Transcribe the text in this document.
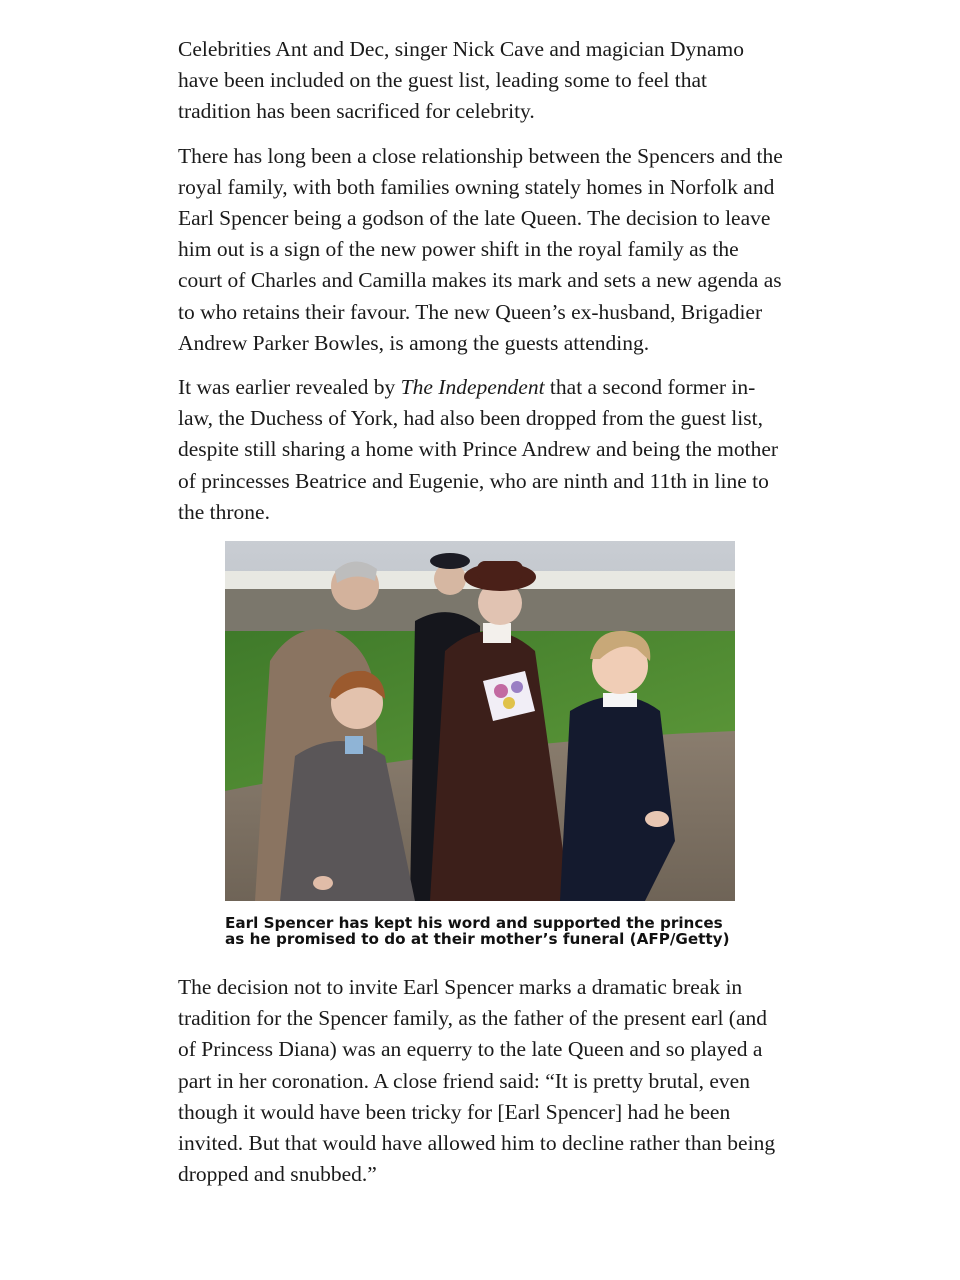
Celebrities Ant and Dec, singer Nick Cave and magician Dynamo have been included on the guest list, leading some to feel that tradition has been sacrificed for celebrity.

There has long been a close relationship between the Spencers and the royal family, with both families owning stately homes in Norfolk and Earl Spencer being a godson of the late Queen. The decision to leave him out is a sign of the new power shift in the royal family as the court of Charles and Camilla makes its mark and sets a new agenda as to who retains their favour. The new Queen’s ex-husband, Brigadier Andrew Parker Bowles, is among the guests attending.

It was earlier revealed by The Independent that a second former in-law, the Duchess of York, had also been dropped from the guest list, despite still sharing a home with Prince Andrew and being the mother of princesses Beatrice and Eugenie, who are ninth and 11th in line to the throne.

Earl Spencer has kept his word and supported the princes as he promised to do at their mother’s funeral (AFP/Getty)

The decision not to invite Earl Spencer marks a dramatic break in tradition for the Spencer family, as the father of the present earl (and of Princess Diana) was an equerry to the late Queen and so played a part in her coronation. A close friend said: “It is pretty brutal, even though it would have been tricky for [Earl Spencer] had he been invited. But that would have allowed him to decline rather than being dropped and snubbed.”
